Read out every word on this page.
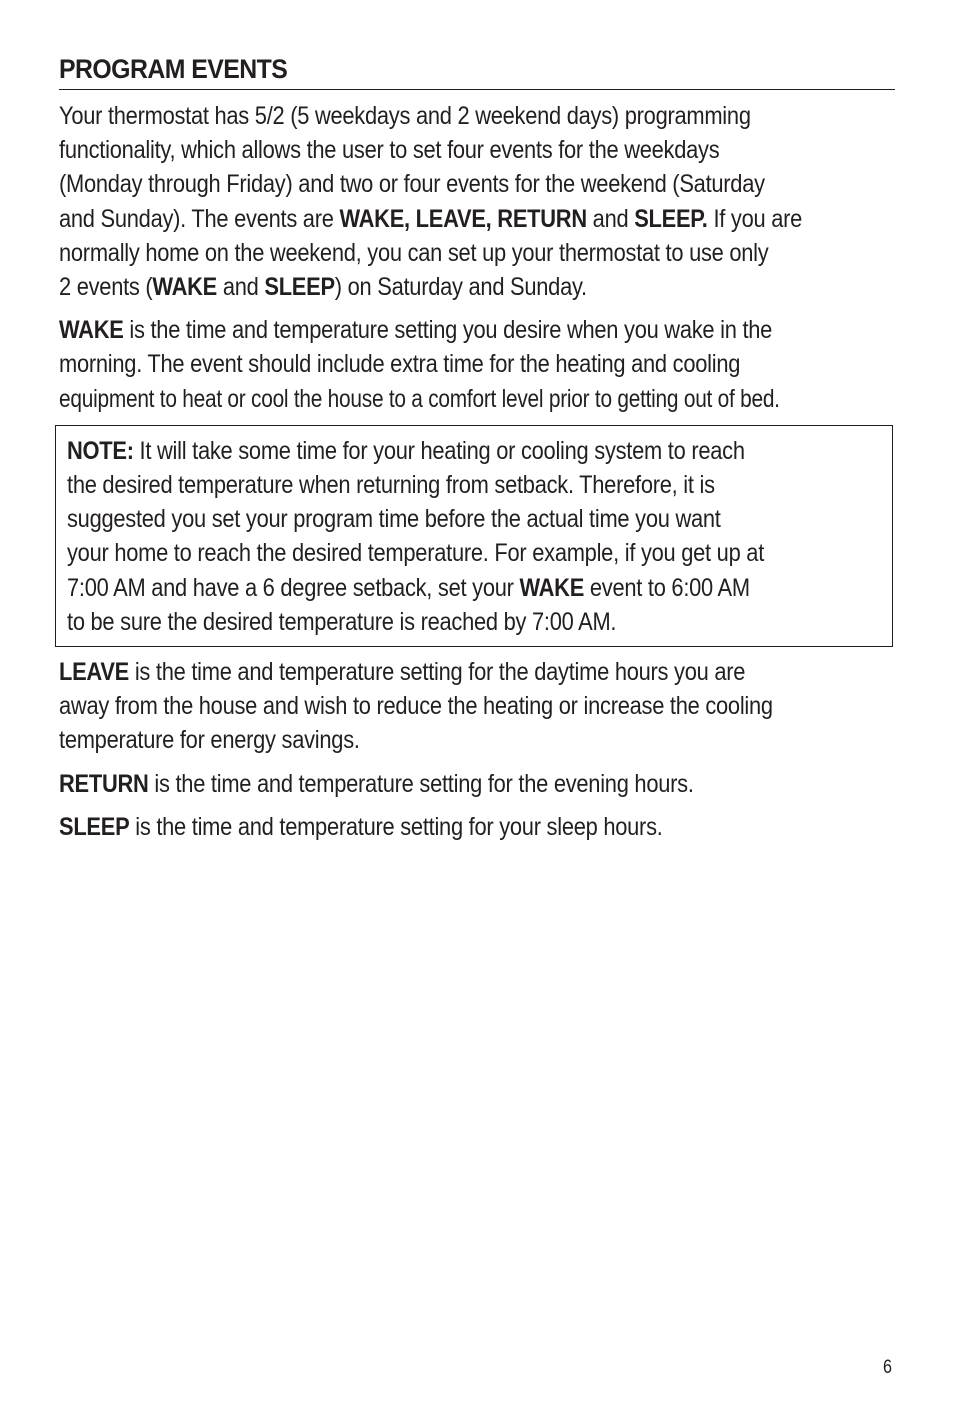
PROGRAM EVENTS
Your thermostat has 5/2 (5 weekdays and 2 weekend days) programming
functionality, which allows the user to set four events for the weekdays
(Monday through Friday) and two or four events for the weekend (Saturday
and Sunday). The events are WAKE, LEAVE, RETURN and SLEEP. If you are
normally home on the weekend, you can set up your thermostat to use only
2 events (WAKE and SLEEP) on Saturday and Sunday.
WAKE is the time and temperature setting you desire when you wake in the
morning. The event should include extra time for the heating and cooling
equipment to heat or cool the house to a comfort level prior to getting out of bed.
NOTE: It will take some time for your heating or cooling system to reach
the desired temperature when returning from setback. Therefore, it is
suggested you set your program time before the actual time you want
your home to reach the desired temperature. For example, if you get up at
7:00 AM and have a 6 degree setback, set your WAKE event to 6:00 AM
to be sure the desired temperature is reached by 7:00 AM.
LEAVE is the time and temperature setting for the daytime hours you are
away from the house and wish to reduce the heating or increase the cooling
temperature for energy savings.
RETURN is the time and temperature setting for the evening hours.
SLEEP is the time and temperature setting for your sleep hours.
6
